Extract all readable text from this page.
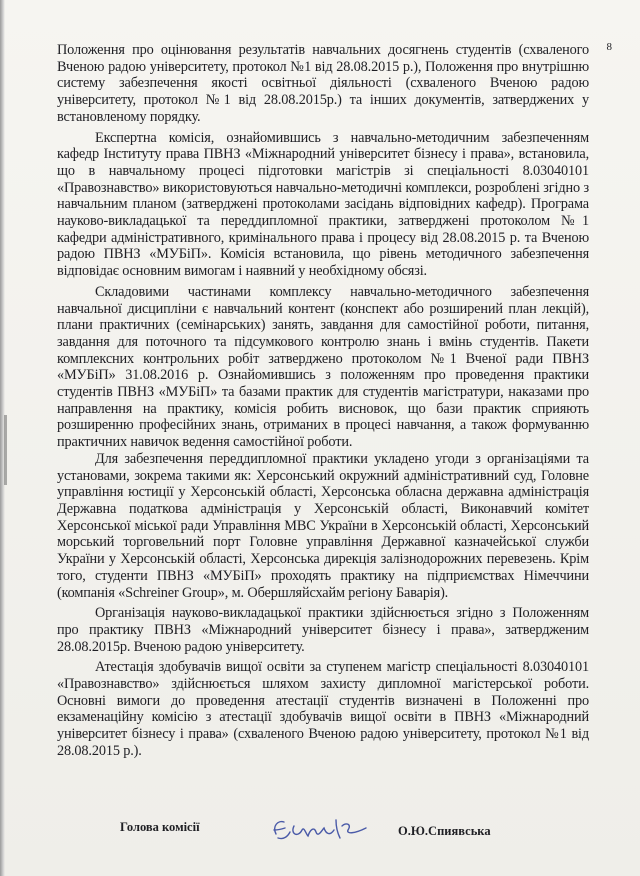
8

Положення про оцінювання результатів навчальних досягнень студентів (схваленого Вченою радою університету, протокол №1 від 28.08.2015 р.), Положення про внутрішню систему забезпечення якості освітньої діяльності (схваленого Вченою радою університету, протокол №1 від 28.08.2015р.) та інших документів, затверджених у встановленому порядку.

Експертна комісія, ознайомившись з навчально-методичним забезпеченням кафедр Інституту права ПВНЗ «Міжнародний університет бізнесу і права», встановила, що в навчальному процесі підготовки магістрів зі спеціальності 8.03040101 «Правознавство» використовуються навчально-методичні комплекси, розроблені згідно з навчальним планом (затверджені протоколами засідань відповідних кафедр). Програма науково-викладацької та переддипломної практики, затверджені протоколом №1 кафедри адміністративного, кримінального права і процесу від 28.08.2015 р. та Вченою радою ПВНЗ «МУБіП». Комісія встановила, що рівень методичного забезпечення відповідає основним вимогам і наявний у необхідному обсязі.

Складовими частинами комплексу навчально-методичного забезпечення навчальної дисципліни є навчальний контент (конспект або розширений план лекцій), плани практичних (семінарських) занять, завдання для самостійної роботи, питання, завдання для поточного та підсумкового контролю знань і вмінь студентів. Пакети комплексних контрольних робіт затверджено протоколом №1 Вченої ради ПВНЗ «МУБіП» 31.08.2016 р. Ознайомившись з положенням про проведення практики студентів ПВНЗ «МУБіП» та базами практик для студентів магістратури, наказами про направлення на практику, комісія робить висновок, що бази практик сприяють розширенню професійних знань, отриманих в процесі навчання, а також формуванню практичних навичок ведення самостійної роботи.

Для забезпечення переддипломної практики укладено угоди з організаціями та установами, зокрема такими як: Херсонський окружний адміністративний суд, Головне управління юстиції у Херсонській області, Херсонська обласна державна адміністрація Державна податкова адміністрація у Херсонській області, Виконавчий комітет Херсонської міської ради Управління МВС України в Херсонській області, Херсонський морський торговельний порт Головне управління Державної казначейської служби України у Херсонській області, Херсонська дирекція залізнодорожних перевезень. Крім того, студенти ПВНЗ «МУБіП» проходять практику на підприємствах Німеччини (компанія «Schreiner Group», м. Обершляйсхайм регіону Баварія).

Організація науково-викладацької практики здійснюється згідно з Положенням про практику ПВНЗ «Міжнародний університет бізнесу і права», затвердженим 28.08.2015р. Вченою радою університету.

Атестація здобувачів вищої освіти за ступенем магістр спеціальності 8.03040101 «Правознавство» здійснюється шляхом захисту дипломної магістерської роботи. Основні вимоги до проведення атестації студентів визначені в Положенні про екзаменаційну комісію з атестації здобувачів вищої освіти в ПВНЗ «Міжнародний університет бізнесу і права» (схваленого Вченою радою університету, протокол №1 від 28.08.2015 р.).

Голова комісії	О.Ю.Спиявська
